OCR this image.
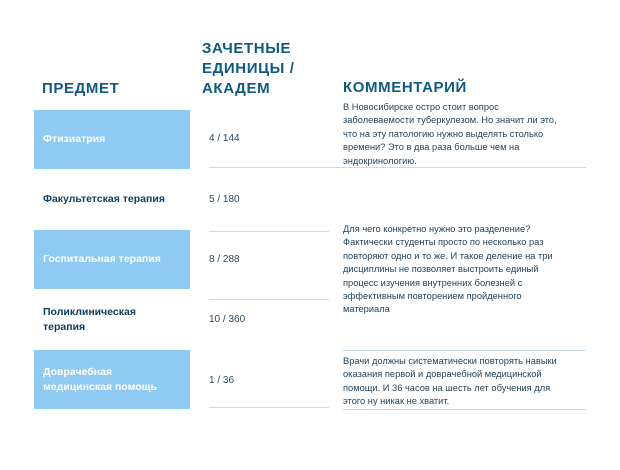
ПРЕДМЕТ
ЗАЧЕТНЫЕ
ЕДИНИЦЫ /
АКАДЕМ	КОММЕНТАРИЙ
Фтизиатрия
Факультетская терапия
Госпитальная терапия
Поликлиническая
терапия
Доврачебная
медицинская помощь
4 / 144
5 / 180
8 / 288
10 / 360
1 / 36
В Новосибирске остро стоит вопрос заболеваемости туберкулезом. Но значит ли это, что на эту патологию нужно выделять столько времени? Это в два раза больше чем на эндокринологию.
Для чего конкретно нужно это разделение? Фактически студенты просто по несколько раз повторяют одно и то же. И такое деление на три дисциплины не позволяет выстроить единый процесс изучения внутренних болезней с эффективным повторением пройденного материала
Врачи должны систематически повторять навыки оказания первой и доврачебной медицинской помощи. И 36 часов на шесть лет обучения для этого ну никак не хватит.
